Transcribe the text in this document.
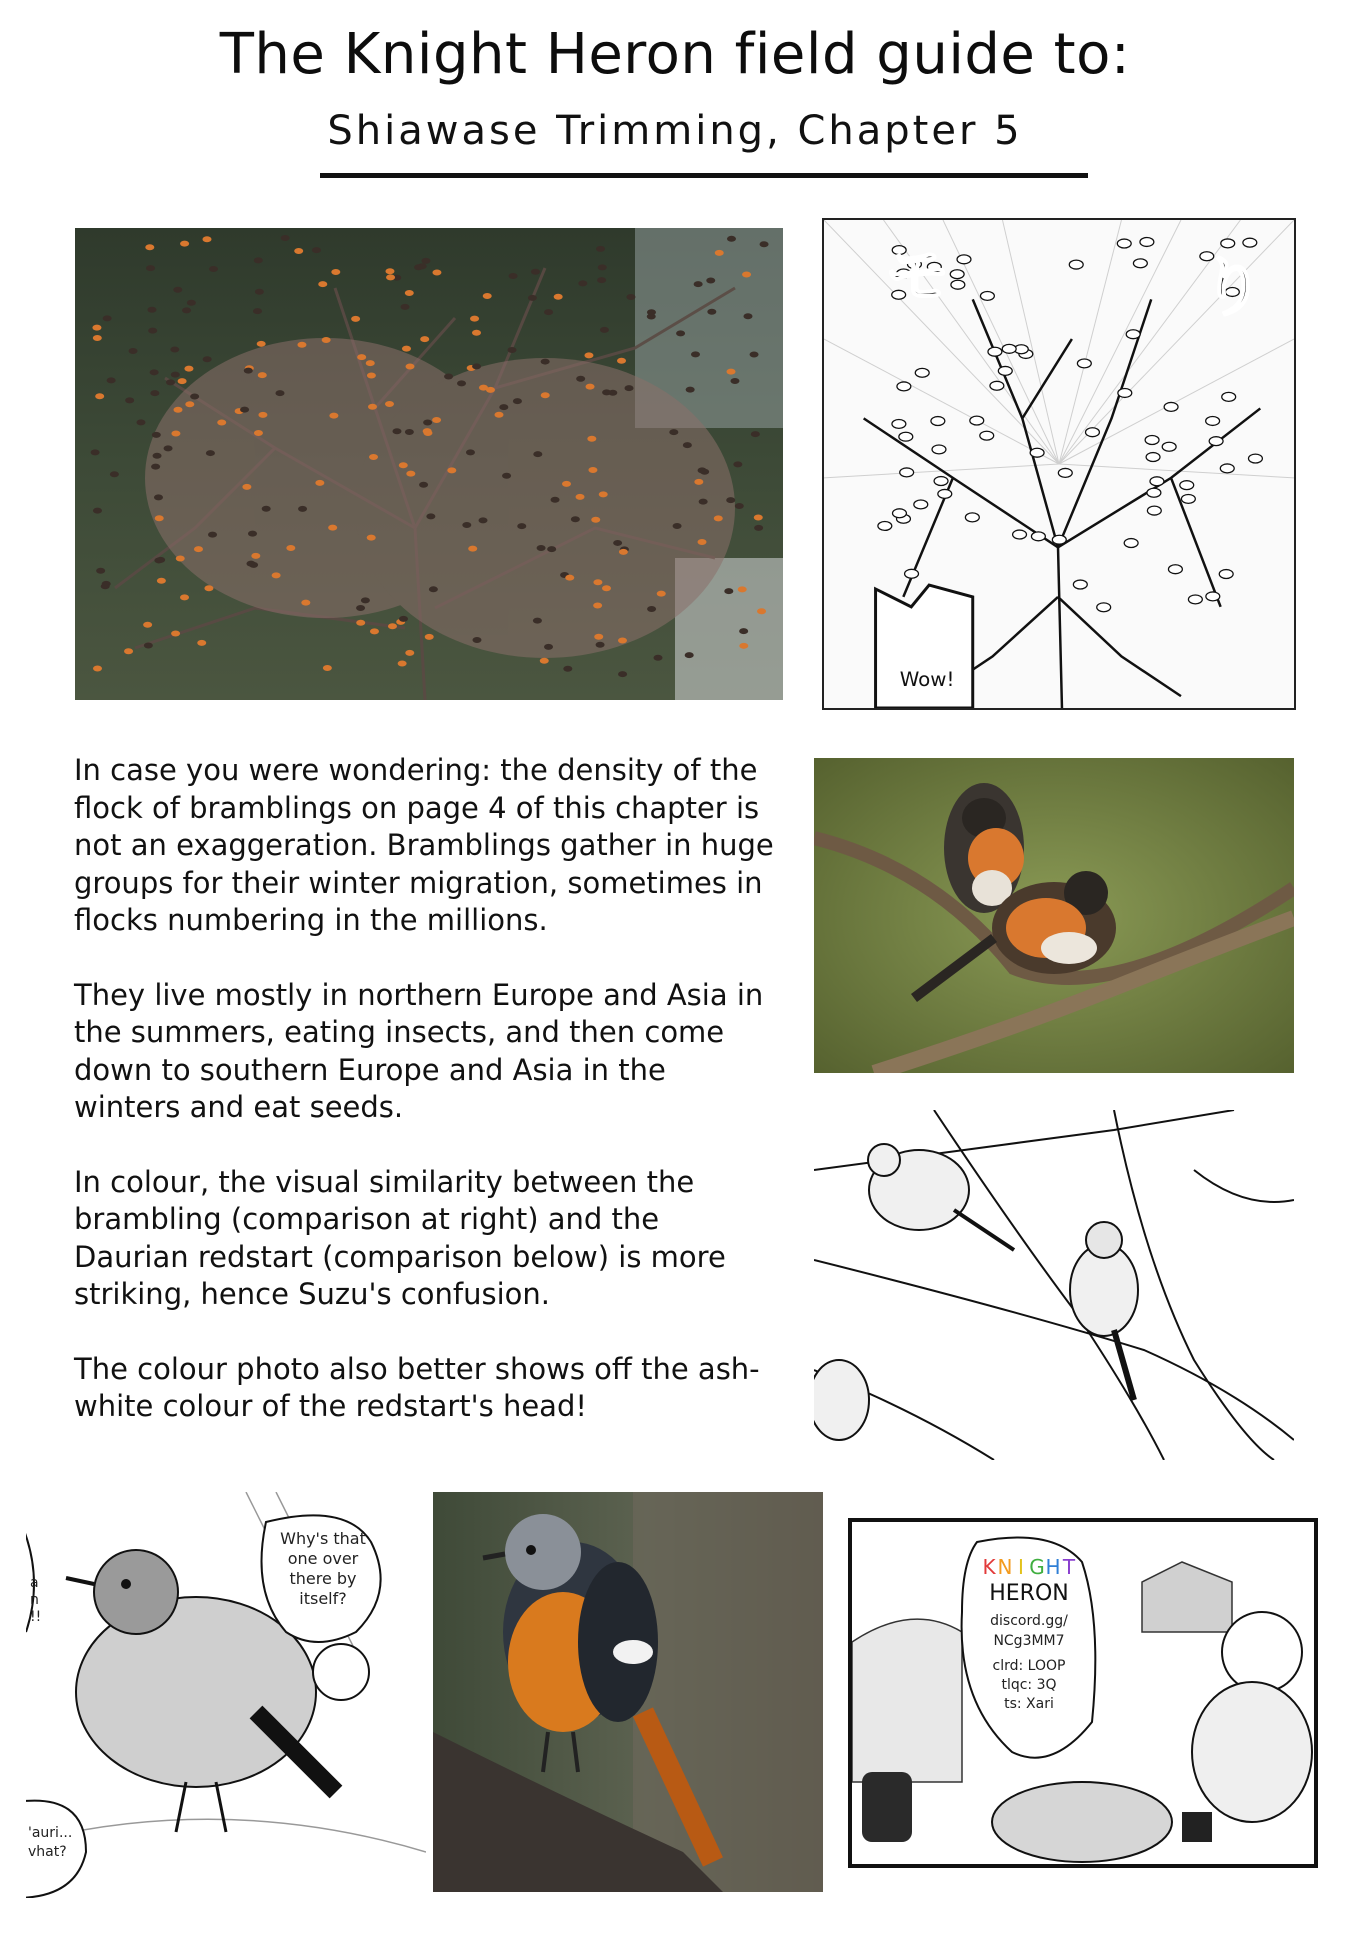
The Knight Heron field guide to:
Shiawase Trimming, Chapter 5
Wow!
モ	り

In case you were wondering: the density of the flock of bramblings on page 4 of this chapter is not an exaggeration. Bramblings gather in huge groups for their winter migration, sometimes in flocks numbering in the millions.

They live mostly in northern Europe and Asia in the summers, eating insects, and then come down to southern Europe and Asia in the winters and eat seeds.

In colour, the visual similarity between the brambling (comparison at right) and the Daurian redstart (comparison below) is more striking, hence Suzu's confusion.

The colour photo also better shows off the ash-white colour of the redstart's head!

Why's that
one over
there by
itself?
a
n
!!
'auri...
vhat?
K N I G H T
HERON
discord.gg/
NCg3MM7
clrd: LOOP
tlqc: 3Q
ts: Xari
